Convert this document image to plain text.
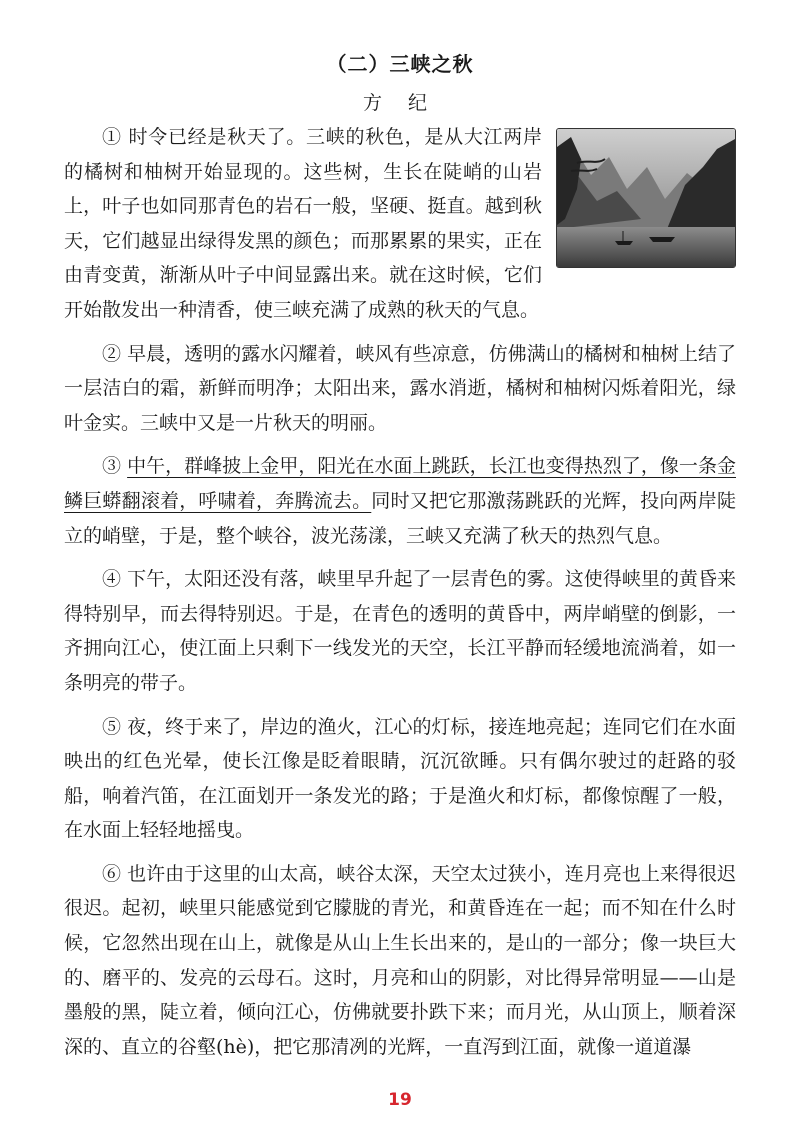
（二）三峡之秋
方 纪

① 时令已经是秋天了。三峡的秋色，是从大江两岸的橘树和柚树开始显现的。这些树，生长在陡峭的山岩上，叶子也如同那青色的岩石一般，坚硬、挺直。越到秋天，它们越显出绿得发黑的颜色；而那累累的果实，正在由青变黄，渐渐从叶子中间显露出来。就在这时候，它们开始散发出一种清香，使三峡充满了成熟的秋天的气息。

② 早晨，透明的露水闪耀着，峡风有些凉意，仿佛满山的橘树和柚树上结了一层洁白的霜，新鲜而明净；太阳出来，露水消逝，橘树和柚树闪烁着阳光，绿叶金实。三峡中又是一片秋天的明丽。

③ 中午，群峰披上金甲，阳光在水面上跳跃，长江也变得热烈了，像一条金鳞巨蟒翻滚着，呼啸着，奔腾流去。同时又把它那激荡跳跃的光辉，投向两岸陡立的峭壁，于是，整个峡谷，波光荡漾，三峡又充满了秋天的热烈气息。

④ 下午，太阳还没有落，峡里早升起了一层青色的雾。这使得峡里的黄昏来得特别早，而去得特别迟。于是，在青色的透明的黄昏中，两岸峭壁的倒影，一齐拥向江心，使江面上只剩下一线发光的天空，长江平静而轻缓地流淌着，如一条明亮的带子。

⑤ 夜，终于来了，岸边的渔火，江心的灯标，接连地亮起；连同它们在水面映出的红色光晕，使长江像是眨着眼睛，沉沉欲睡。只有偶尔驶过的赶路的驳船，响着汽笛，在江面划开一条发光的路；于是渔火和灯标，都像惊醒了一般，在水面上轻轻地摇曳。

⑥ 也许由于这里的山太高，峡谷太深，天空太过狭小，连月亮也上来得很迟很迟。起初，峡里只能感觉到它朦胧的青光，和黄昏连在一起；而不知在什么时候，它忽然出现在山上，就像是从山上生长出来的，是山的一部分；像一块巨大的、磨平的、发亮的云母石。这时，月亮和山的阴影，对比得异常明显——山是墨般的黑，陡立着，倾向江心，仿佛就要扑跌下来；而月光，从山顶上，顺着深深的、直立的谷壑(hè)，把它那清冽的光辉，一直泻到江面，就像一道道瀑

19
